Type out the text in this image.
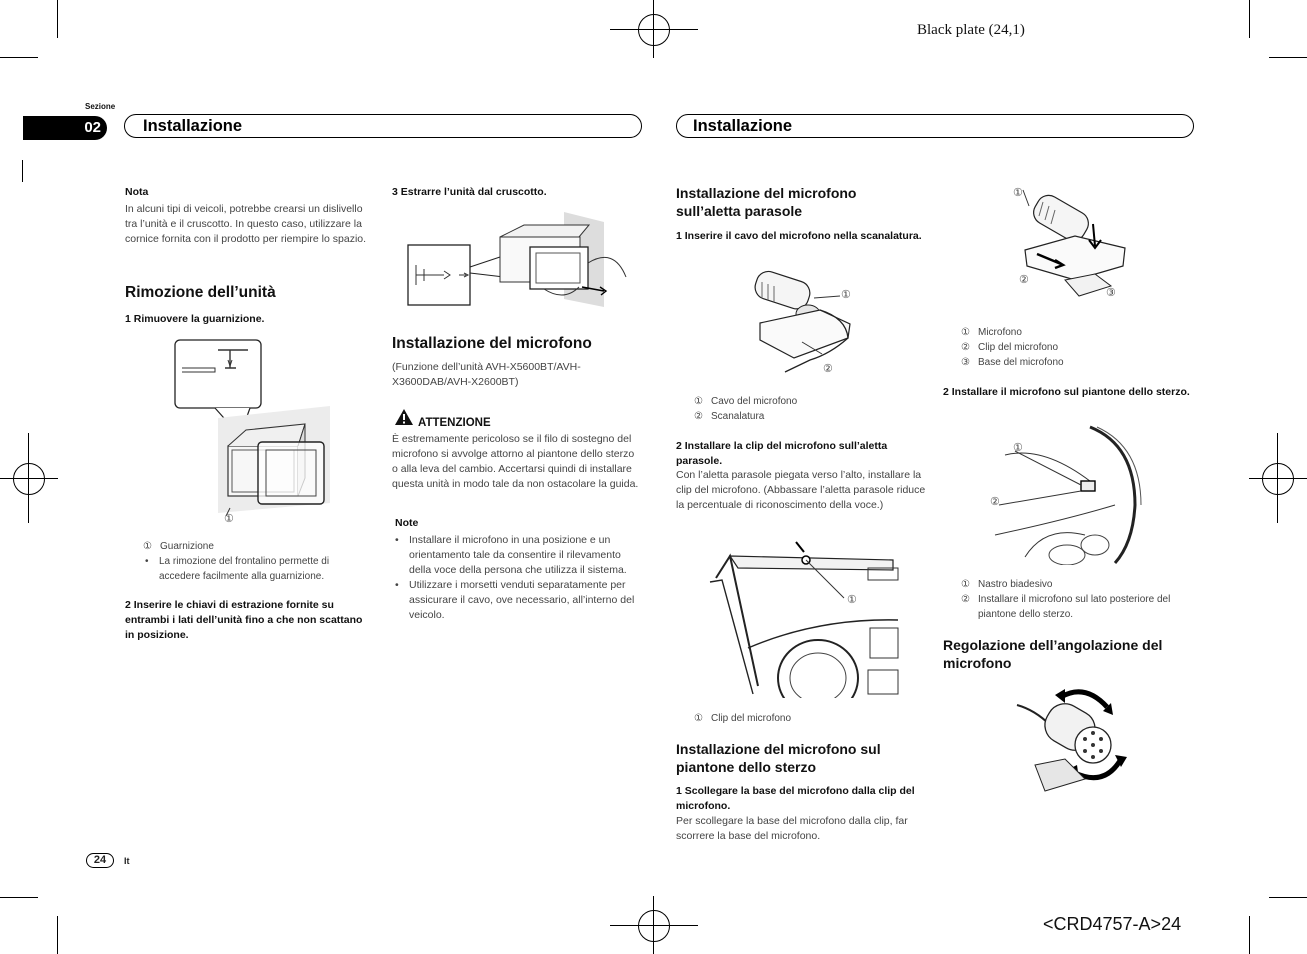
Black plate (24,1)
<CRD4757-A>24
Sezione
02	Installazione	Installazione
24	It
Nota
In alcuni tipi di veicoli, potrebbe crearsi un dislivello tra l’unità e il cruscotto. In questo caso, utilizzare la cornice fornita con il prodotto per riempire lo spazio.
Rimozione dell’unità
1 Rimuovere la guarnizione.
①
① Guarnizione
• La rimozione del frontalino permette di accedere facilmente alla guarnizione.
2 Inserire le chiavi di estrazione fornite su entrambi i lati dell’unità fino a che non scattano in posizione.
3 Estrarre l’unità dal cruscotto.
Installazione del microfono
(Funzione dell’unità AVH-X5600BT/AVH-X3600DAB/AVH-X2600BT)
ATTENZIONE
È estremamente pericoloso se il filo di sostegno del microfono si avvolge attorno al piantone dello sterzo o alla leva del cambio. Accertarsi quindi di installare questa unità in modo tale da non ostacolare la guida.
Note
• Installare il microfono in una posizione e un orientamento tale da consentire il rilevamento della voce della persona che utilizza il sistema.
• Utilizzare i morsetti venduti separatamente per assicurare il cavo, ove necessario, all’interno del veicolo.
Installazione del microfono sull’aletta parasole
1 Inserire il cavo del microfono nella scanalatura.
①
②
① Cavo del microfono
② Scanalatura
2 Installare la clip del microfono sull’aletta parasole.
Con l’aletta parasole piegata verso l’alto, installare la clip del microfono. (Abbassare l’aletta parasole riduce la percentuale di riconoscimento della voce.)
①
① Clip del microfono
Installazione del microfono sul piantone dello sterzo
1 Scollegare la base del microfono dalla clip del microfono.
Per scollegare la base del microfono dalla clip, far scorrere la base del microfono.
①
②
③
① Microfono
② Clip del microfono
③ Base del microfono
2 Installare il microfono sul piantone dello sterzo.
①
②
① Nastro biadesivo
② Installare il microfono sul lato posteriore del piantone dello sterzo.
Regolazione dell’angolazione del microfono
